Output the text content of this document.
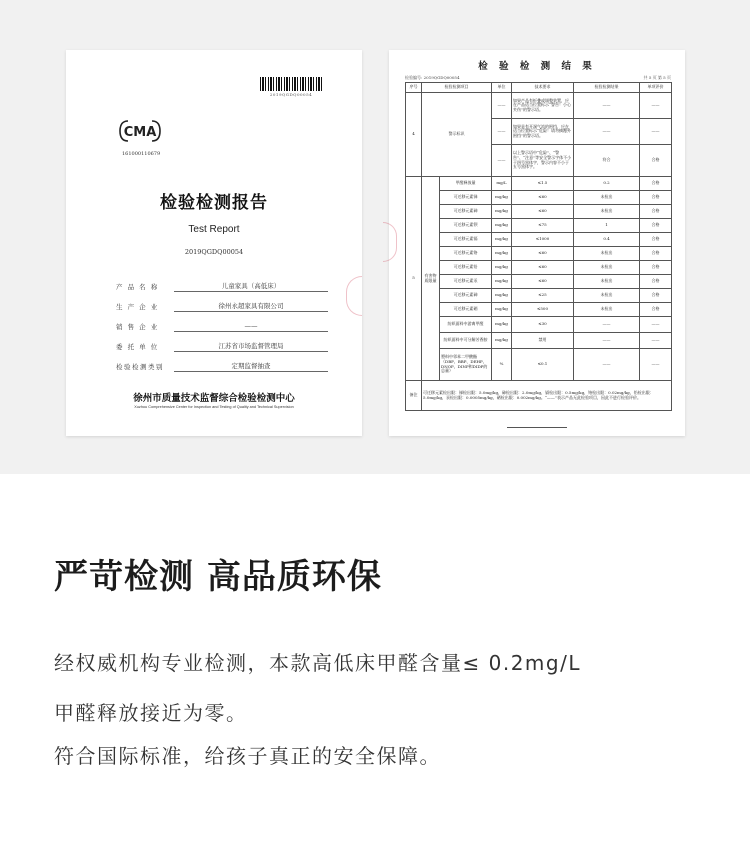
2019QGDQ00054
CMA
161000110679
检验检测报告
Test Report
2019QGDQ00054
产 品 名 称	儿童家具（高低床）
生 产 企 业	徐州永超家具有限公司
销 售 企 业	——
委 托 单 位	江苏省市场监督管理局
检验检测类别	定期监督抽查
徐州市质量技术监督综合检验检测中心
Xuzhou Comprehensive Center for Inspection and Testing of Quality and Technical Supervision
检 验 检 测 结 果
检验编号: 2019QGDQ00054	共 5 页 第 5 页
序号	检验检测项目		单位	技术要求	检验检测结果	单项评价
4	警示标识		——	如果产品有折叠或调整装置，应在产品适当位置标示“警告！小心夹伤”的警示语。	——	——
			——	如果是有开洞气流的围挡，应在适当位置标示“危险！请勿摘覆外围挡”的警示语。	——	——
			——	以上警示语中“危险”、“警告”、“注意”等安全警示字体不小于四号黑体字，警示内容不小于五号黑体字。	符合	合格
5	有害物质限量	甲醛释放量	mg/L	≤1.5	0.2	合格
		可迁移元素锑	mg/kg	≤60	未检出	合格
		可迁移元素砷	mg/kg	≤60	未检出	合格
		可迁移元素钡	mg/kg	≤75	1	合格
		可迁移元素镉	mg/kg	≤1000	0.4	合格
		可迁移元素铬	mg/kg	≤60	未检出	合格
		可迁移元素铅	mg/kg	≤60	未检出	合格
		可迁移元素汞	mg/kg	≤60	未检出	合格
		可迁移元素砷	mg/kg	≤25	未检出	合格
		可迁移元素硒	mg/kg	≤500	未检出	合格
		纺织面料中游离甲醛	mg/kg	≤30	——	——
		纺织面料中可分解芳香胺	mg/kg	禁用	——	——
		塑料中邻苯二甲酸酯（DBP、BBP、DEHP、DNOP、DINP和DIDP的总量）	%	≤0.1	——	——
备注	可迁移元素检出限：锑检出限：5.0mg/kg，砷检出限：2.0mg/kg，镉检出限：0.5mg/kg，铬检出限：0.02mg/kg，铅检出限：5.0mg/kg，汞检出限：0.0005mg/kg，硒检出限：0.002mg/kg。“——”表示产品无此检验项目，因此不进行检验评价。					
严苛检测 高品质环保
经权威机构专业检测，本款高低床甲醛含量≤ 0.2mg/L
甲醛释放接近为零。
符合国际标准，给孩子真正的安全保障。
